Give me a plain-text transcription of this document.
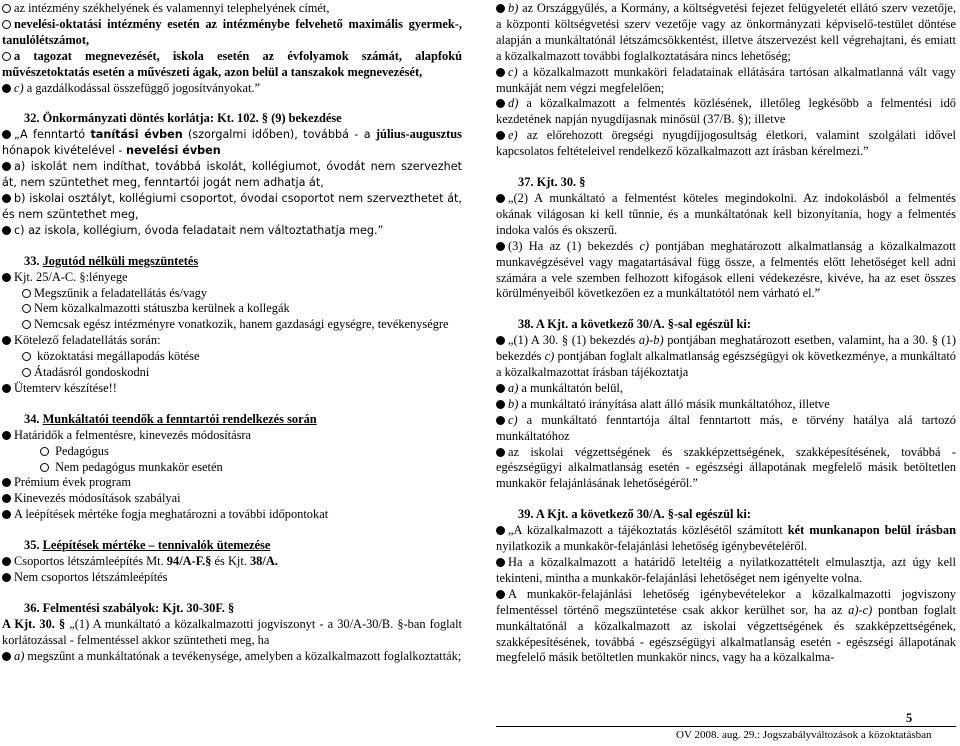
az intézmény székhelyének és valamennyi telephelyének címét,

nevelési-oktatási intézmény esetén az intézménybe felvehető maximális gyermek-, tanulólétszámot,

a tagozat megnevezését, iskola esetén az évfolyamok számát, alapfokú művészetoktatás esetén a művészeti ágak, azon belül a tanszakok megnevezését,

c) a gazdálkodással összefüggő jogosítványokat.”

32. Önkormányzati döntés korlátja: Kt. 102. § (9) bekezdése

„A fenntartó tanítási évben (szorgalmi időben), továbbá - a július-augusztus hónapok kivételével - nevelési évben

a) iskolát nem indíthat, továbbá iskolát, kollégiumot, óvodát nem szervezhet át, nem szüntethet meg, fenntartói jogát nem adhatja át,

b) iskolai osztályt, kollégiumi csoportot, óvodai csoportot nem szervezthetet át, és nem szüntethet meg,

c) az iskola, kollégium, óvoda feladatait nem változtathatja meg.”

33. Jogutód nélküli megszüntetés

Kjt. 25/A-C. §:lényege

Megszűnik a feladatellátás és/vagy

Nem közalkalmazotti státuszba kerülnek a kollegák

Nemcsak egész intézményre vonatkozik, hanem gazdasági egységre, tevékenységre

Kötelező feladatellátás során:

közoktatási megállapodás kötése

Átadásról gondoskodni

Ütemterv készítése!!

34. Munkáltatói teendők a fenntartói rendelkezés során

Határidők a felmentésre, kinevezés módosításra

Pedagógus

Nem pedagógus munkakör esetén

Prémium évek program

Kinevezés módosítások szabályai

A leépítések mértéke fogja meghatározni a további időpontokat

35. Leépítések mértéke – tennivalók ütemezése

Csoportos létszámleépítés Mt. 94/A-F.§ és Kjt. 38/A.

Nem csoportos létszámleépítés

36. Felmentési szabályok: Kjt. 30-30F. §

A Kjt. 30. § „(1) A munkáltató a közalkalmazotti jogviszonyt - a 30/A-30/B. §-ban foglalt korlátozással - felmentéssel akkor szüntetheti meg, ha

a) megszűnt a munkáltatónak a tevékenysége, amelyben a közalkalmazott foglalkoztatták;

b) az Országgyűlés, a Kormány, a költségvetési fejezet felügyeletét ellátó szerv vezetője, a központi költségvetési szerv vezetője vagy az önkormányzati képviselő-testület döntése alapján a munkáltatónál létszámcsökkentést, illetve átszervezést kell végrehajtani, és emiatt a közalkalmazott további foglalkoztatására nincs lehetőség;

c) a közalkalmazott munkaköri feladatainak ellátására tartósan alkalmatlanná vált vagy munkáját nem végzi megfelelően;

d) a közalkalmazott a felmentés közlésének, illetőleg legkésőbb a felmentési idő kezdetének napján nyugdíjasnak minősül (37/B. §); illetve

e) az előrehozott öregségi nyugdíjjogosultság életkori, valamint szolgálati idővel kapcsolatos feltételeivel rendelkező közalkalmazott azt írásban kérelmezi.”

37. Kjt. 30. §

„(2) A munkáltató a felmentést köteles megindokolni. Az indokolásból a felmentés okának világosan ki kell tűnnie, és a munkáltatónak kell bizonyítania, hogy a felmentés indoka valós és okszerű.

(3) Ha az (1) bekezdés c) pontjában meghatározott alkalmatlanság a közalkalmazott munkavégzésével vagy magatartásával függ össze, a felmentés előtt lehetőséget kell adni számára a vele szemben felhozott kifogások elleni védekezésre, kivéve, ha az eset összes körülményeiből következően ez a munkáltatótól nem várható el.”

38. A Kjt. a következő 30/A. §-sal egészül ki:

„(1) A 30. § (1) bekezdés a)-b) pontjában meghatározott esetben, valamint, ha a 30. § (1) bekezdés c) pontjában foglalt alkalmatlanság egészségügyi ok következménye, a munkáltató a közalkalmazottat írásban tájékoztatja

a) a munkáltatón belül,

b) a munkáltató irányítása alatt álló másik munkáltatóhoz, illetve

c) a munkáltató fenntartója által fenntartott más, e törvény hatálya alá tartozó munkáltatóhoz

az iskolai végzettségének és szakképzettségének, szakképesítésének, továbbá - egészségügyi alkalmatlanság esetén - egészségi állapotának megfelelő másik betöltetlen munkakör felajánlásának lehetőségéről.”

39. A Kjt. a következő 30/A. §-sal egészül ki:

„A közalkalmazott a tájékoztatás közlésétől számított két munkanapon belül írásban nyilatkozik a munkakör-felajánlási lehetőség igénybevételéről.

Ha a közalkalmazott a határidő leteltéig a nyilatkozattételt elmulasztja, azt úgy kell tekinteni, mintha a munkakör-felajánlási lehetőséget nem igényelte volna.

A munkakör-felajánlási lehetőség igénybevételekor a közalkalmazotti jogviszony felmentéssel történő megszüntetése csak akkor kerülhet sor, ha az a)-c) pontban foglalt munkáltatónál a közalkalmazott az iskolai végzettségének és szakképzettségének, szakképesítésének, továbbá - egészségügyi alkalmatlanság esetén - egészségi állapotának megfelelő másik betöltetlen munkakör nincs, vagy ha a közalkalma-

5
OV 2008. aug. 29.: Jogszabályváltozások a közoktatásban
